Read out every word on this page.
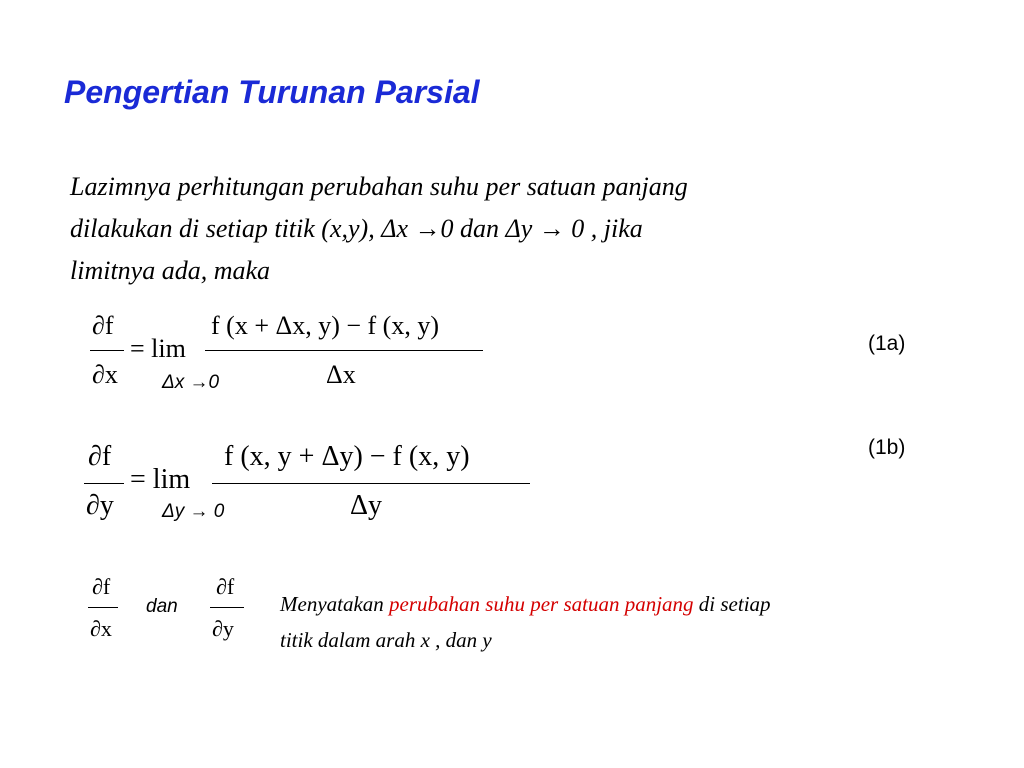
Pengertian Turunan Parsial
Lazimnya perhitungan perubahan suhu per satuan panjang
dilakukan di setiap titik (x,y), Δx →0 dan Δy → 0 , jika
limitnya ada, maka
∂f
∂x
= lim
f (x + Δx, y) − f (x, y)
Δx
Δx →0
(1a)
∂f
∂y
= lim
f (x, y + Δy) − f (x, y)
Δy
Δy → 0
(1b)
∂f
∂x
dan
∂f
∂y
Menyatakan perubahan suhu per satuan panjang di setiap
titik dalam arah x , dan y
